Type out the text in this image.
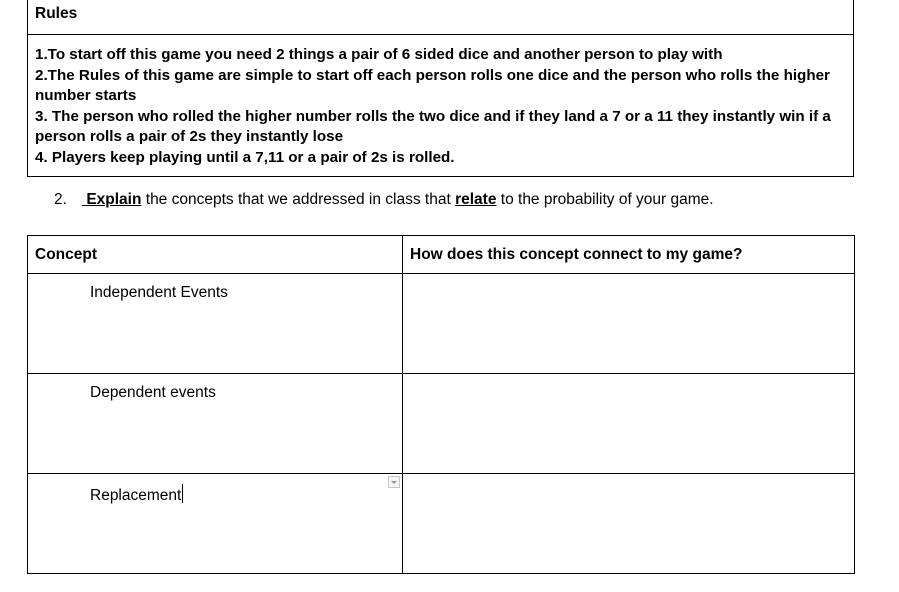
Rules

1.To start off this game you need 2 things a pair of 6 sided dice and another person to play with
2.The Rules of this game are simple to start off each person rolls one dice and the person who rolls the higher number starts
3. The person who rolled the higher number rolls the two dice and if they land a 7 or a 11 they instantly win if a person rolls a pair of 2s they instantly lose
4. Players keep playing until a 7,11 or a pair of 2s is rolled.
2. Explain the concepts that we addressed in class that relate to the probability of your game.
Concept	How does this concept connect to my game?

Independent Events	

Dependent events	

Replacement	
